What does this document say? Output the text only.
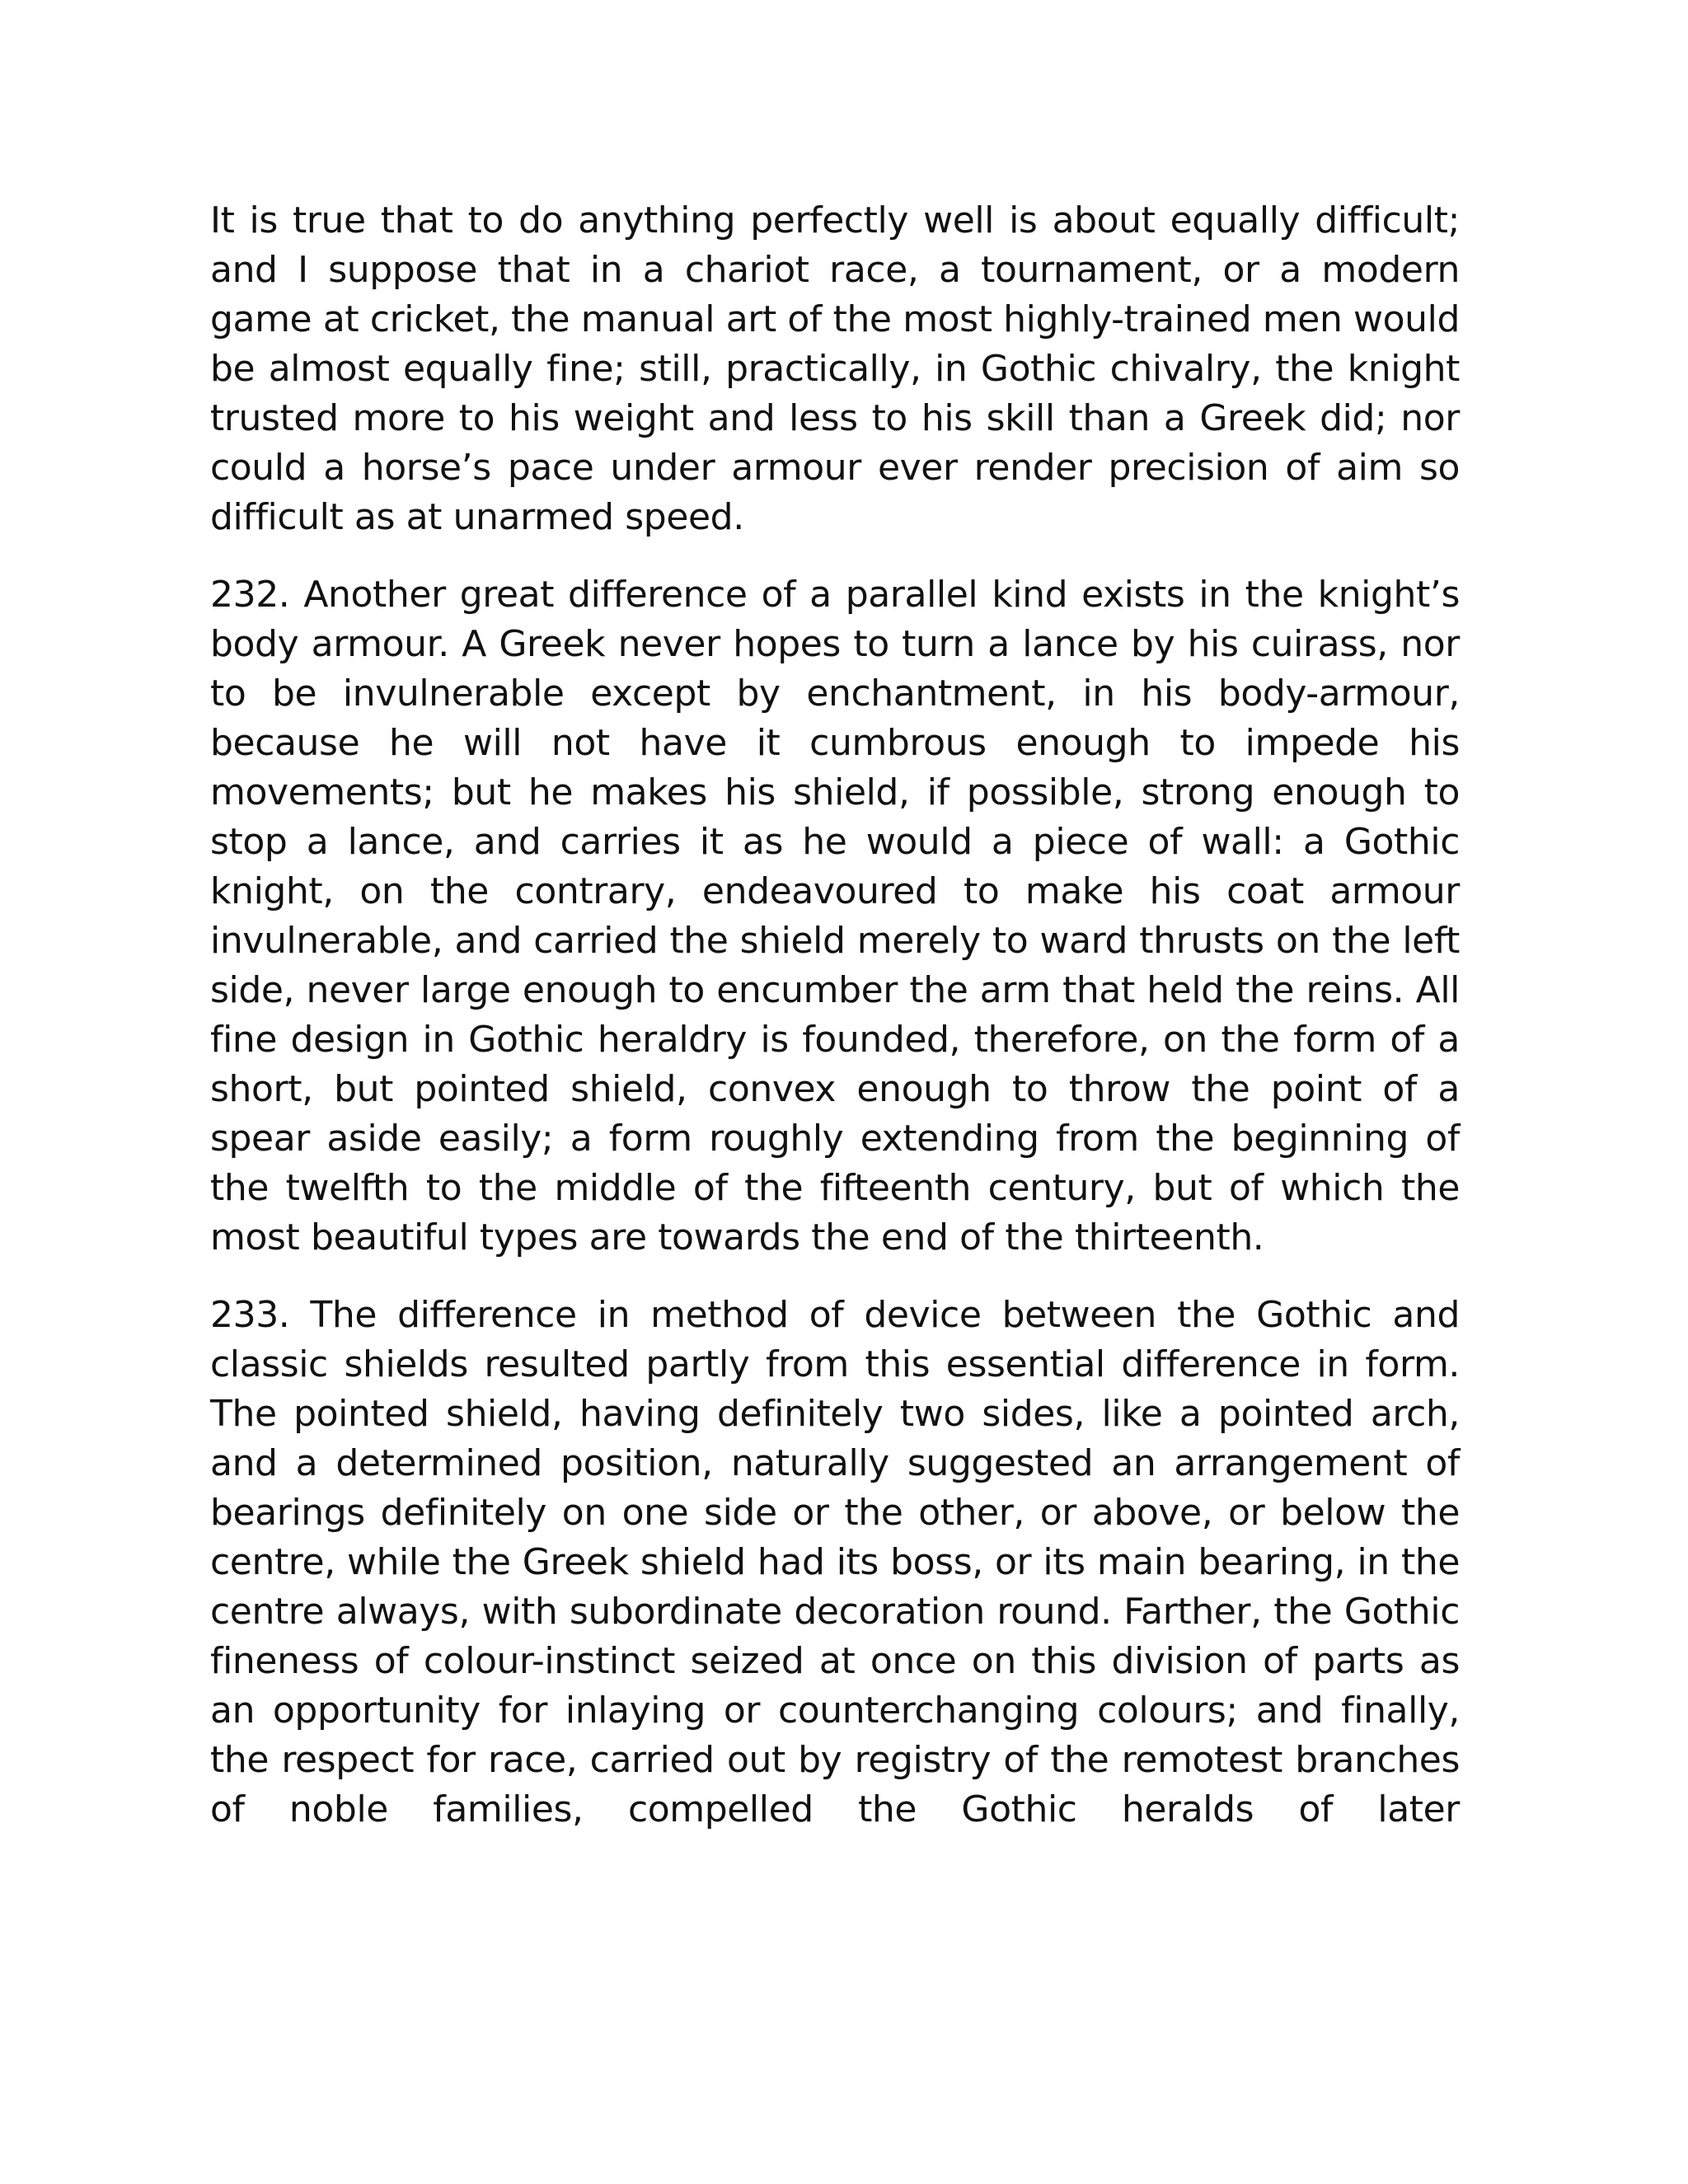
It is true that to do anything perfectly well is about equally difficult; and I suppose that in a chariot race, a tournament, or a modern game at cricket, the manual art of the most highly-trained men would be almost equally fine; still, practically, in Gothic chivalry, the knight trusted more to his weight and less to his skill than a Greek did; nor could a horse’s pace under armour ever render precision of aim so difficult as at unarmed speed.

232. Another great difference of a parallel kind exists in the knight’s body armour. A Greek never hopes to turn a lance by his cuirass, nor to be invulnerable except by enchantment, in his body-armour, because he will not have it cumbrous enough to impede his movements; but he makes his shield, if possible, strong enough to stop a lance, and carries it as he would a piece of wall: a Gothic knight, on the contrary, endeavoured to make his coat armour invulnerable, and carried the shield merely to ward thrusts on the left side, never large enough to encumber the arm that held the reins. All fine design in Gothic heraldry is founded, therefore, on the form of a short, but pointed shield, convex enough to throw the point of a spear aside easily; a form roughly extending from the beginning of the twelfth to the middle of the fifteenth century, but of which the most beautiful types are towards the end of the thirteenth.

233. The difference in method of device between the Gothic and classic shields resulted partly from this essential difference in form. The pointed shield, having definitely two sides, like a pointed arch, and a determined position, naturally suggested an arrangement of bearings definitely on one side or the other, or above, or below the centre, while the Greek shield had its boss, or its main bearing, in the centre always, with subordinate decoration round. Farther, the Gothic fineness of colour-instinct seized at once on this division of parts as an opportunity for inlaying or counterchanging colours; and finally, the respect for race, carried out by registry of the remotest branches of noble families, compelled the Gothic heralds of later
